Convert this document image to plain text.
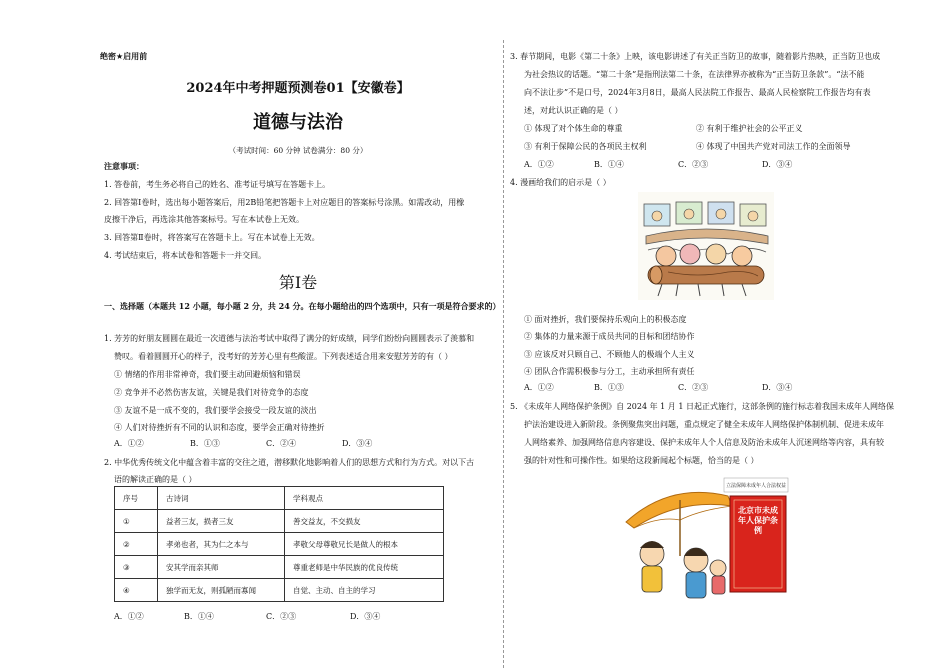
绝密★启用前
2024年中考押题预测卷01【安徽卷】
道德与法治
（考试时间：60 分钟 试卷满分：80 分）
注意事项：
1. 答卷前，考生务必将自己的姓名、准考证号填写在答题卡上。
2. 回答第Ⅰ卷时，选出每小题答案后，用2B铅笔把答题卡上对应题目的答案标号涂黑。如需改动，用橡
皮擦干净后，再选涂其他答案标号。写在本试卷上无效。
3. 回答第Ⅱ卷时，将答案写在答题卡上。写在本试卷上无效。
4. 考试结束后，将本试卷和答题卡一并交回。
第Ⅰ卷
一、选择题（本题共 12 小题，每小题 2 分，共 24 分。在每小题给出的四个选项中，只有一项是符合要求的）
1. 芳芳的好朋友圆圆在最近一次道德与法治考试中取得了满分的好成绩，同学们纷纷向圆圆表示了羡慕和
赞叹。看着圆圆开心的样子，没考好的芳芳心里有些酸涩。下列表述适合用来安慰芳芳的有（ ）
① 情绪的作用非常神奇，我们要主动回避烦恼和错误
② 竞争并不必然伤害友谊，关键是我们对待竞争的态度
③ 友谊不是一成不变的，我们要学会接受一段友谊的淡出
④ 人们对待挫折有不同的认识和态度，要学会正确对待挫折
A．①②	B．①③	C．②④	D．③④
2. 中华优秀传统文化中蕴含着丰富的交往之道，潜移默化地影响着人们的思想方式和行为方式。对以下古
语的解读正确的是（ ）
序号	古诗词	学科观点
①	益者三友，损者三友	善交益友，不交损友
②	孝弟也者，其为仁之本与	孝敬父母尊敬兄长是做人的根本
③	安其学而亲其师	尊重老师是中华民族的优良传统
④	独学而无友，则孤陋而寡闻	自觉、主动、自主的学习
A．①②	B．①④	C．②③	D．③④
3. 春节期间，电影《第二十条》上映，该电影讲述了有关正当防卫的故事，随着影片热映，正当防卫也成
为社会热议的话题。“第二十条”是指刑法第二十条，在法律界亦被称为“正当防卫条款”。“法不能
向不法让步”不是口号，2024年3月8日，最高人民法院工作报告、最高人民检察院工作报告均有表
述，对此认识正确的是（ ）
① 体现了对个体生命的尊重	② 有利于维护社会的公平正义
③ 有利于保障公民的各项民主权利	④ 体现了中国共产党对司法工作的全面领导
A．①②	B．①④	C．②③	D．③④
4. 漫画给我们的启示是（ ）
① 面对挫折，我们要保持乐观向上的积极态度
② 集体的力量来源于成员共同的目标和团结协作
③ 应该反对只顾自己、不顾他人的极端个人主义
④ 团队合作需积极参与分工，主动承担所有责任
A．①②	B．①③	C．②③	D．③④
5. 《未成年人网络保护条例》自 2024 年 1 月 1 日起正式施行，这部条例的施行标志着我国未成年人网络保
护法治建设进入新阶段。条例聚焦突出问题，重点规定了健全未成年人网络保护体制机制、促进未成年
人网络素养、加强网络信息内容建设、保护未成年人个人信息及防治未成年人沉迷网络等内容，具有较
强的针对性和可操作性。如果给这段新闻起个标题，恰当的是（ ）
立法保障未成年人合法权益
北京市未成年人保护条例
